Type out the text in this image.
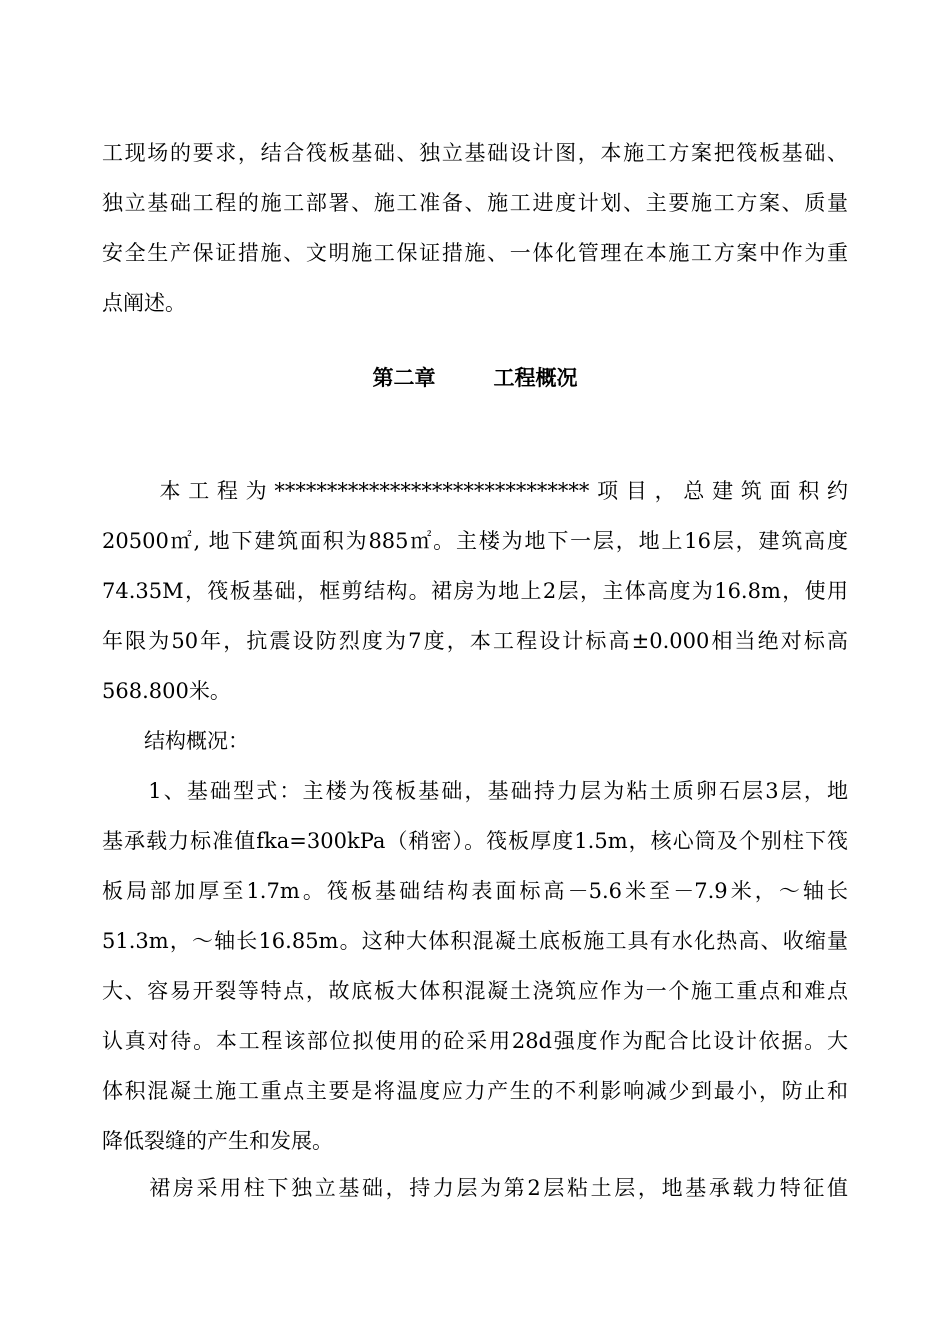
工现场的要求，结合筏板基础、独立基础设计图，本施工方案把筏板基础、
独立基础工程的施工部署、施工准备、施工进度计划、主要施工方案、质量
安全生产保证措施、文明施工保证措施、一体化管理在本施工方案中作为重
点阐述。
第二章	工程概况
　　本工程为******************************项目，总建筑面积约
20500㎡, 地下建筑面积为885㎡。主楼为地下一层，地上16层，建筑高度
74.35M，筏板基础，框剪结构。裙房为地上2层，主体高度为16.8m，使用
年限为50年，抗震设防烈度为7度，本工程设计标高±0.000相当绝对标高
568.800米。
　　结构概况：
　　1、基础型式：主楼为筏板基础，基础持力层为粘土质卵石层3层，地
基承载力标准值fka=300kPa（稍密）。筏板厚度1.5m，核心筒及个别柱下筏
板局部加厚至1.7m。筏板基础结构表面标高－5.6米至－7.9米，～轴长
51.3m，～轴长16.85m。这种大体积混凝土底板施工具有水化热高、收缩量
大、容易开裂等特点，故底板大体积混凝土浇筑应作为一个施工重点和难点
认真对待。本工程该部位拟使用的砼采用28d强度作为配合比设计依据。大
体积混凝土施工重点主要是将温度应力产生的不利影响减少到最小，防止和
降低裂缝的产生和发展。
　　裙房采用柱下独立基础，持力层为第2层粘土层，地基承载力特征值
